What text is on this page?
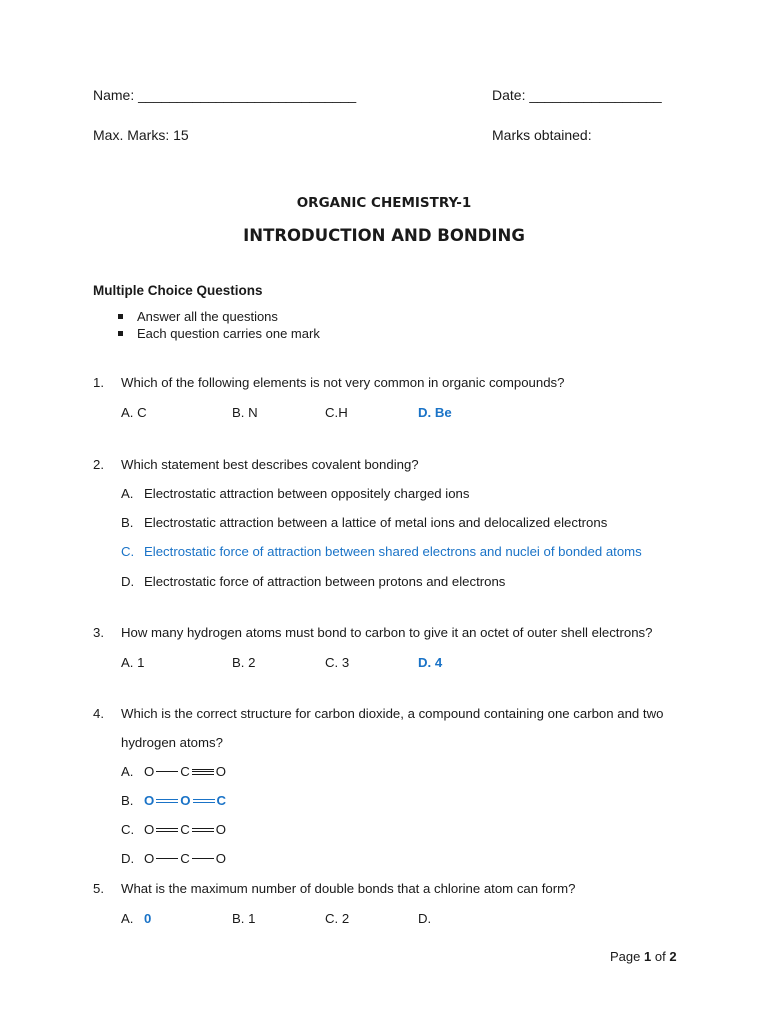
Name: ____________________________	Date: _________________
Max. Marks: 15	Marks obtained:
ORGANIC CHEMISTRY-1
INTRODUCTION AND BONDING
Multiple Choice Questions
Answer all the questions
Each question carries one mark
1. Which of the following elements is not very common in organic compounds?
A. C	B. N	C.H	D. Be
2. Which statement best describes covalent bonding?
A. Electrostatic attraction between oppositely charged ions
B. Electrostatic attraction between a lattice of metal ions and delocalized electrons
C. Electrostatic force of attraction between shared electrons and nuclei of bonded atoms
D. Electrostatic force of attraction between protons and electrons
3. How many hydrogen atoms must bond to carbon to give it an octet of outer shell electrons?
A. 1	B. 2	C. 3	D. 4
4. Which is the correct structure for carbon dioxide, a compound containing one carbon and two
hydrogen atoms?
A. O C O
B. O O C
C. O C O
D. O C O
5. What is the maximum number of double bonds that a chlorine atom can form?
A. 0	B. 1	C. 2	D.
Page 1 of 2
